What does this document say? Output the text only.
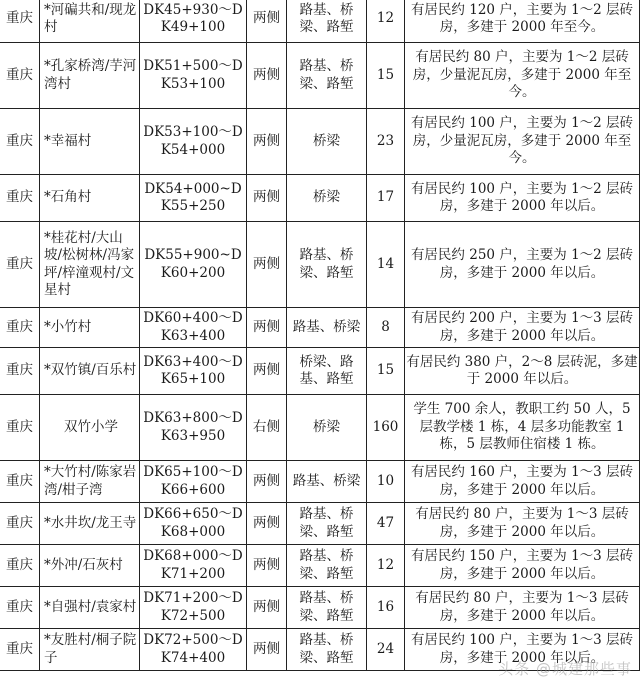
重庆	*河碥共和/现龙村	DK45+930～DK49+100	两侧	路基、桥梁、路堑	12	有居民约 120 户，主要为 1～2 层砖房，多建于 2000 年至今。
重庆	*孔家桥湾/芋河湾村	DK51+500～DK53+100	两侧	路基、桥梁、路堑	15	有居民约 80 户，主要为 1～2 层砖房，少量泥瓦房，多建于 2000 年至今。
重庆	*幸福村	DK53+100～DK54+000	两侧	桥梁	23	有居民约 100 户，主要为 1～2 层砖房，少量泥瓦房，多建于 2000 年至今。
重庆	*石角村	DK54+000~DK55+250	两侧	桥梁	17	有居民约 100 户，主要为 1～2 层砖房，多建于 2000 年以后。
重庆	*桂花村/大山坡/松树林/冯家坪/梓潼观村/文星村	DK55+900~DK60+200	两侧	路基、桥梁、路堑	14	有居民约 250 户，主要为 1～2 层砖房，多建于 2000 年以后。
重庆	*小竹村	DK60+400～DK63+400	两侧	路基、桥梁	8	有居民约 200 户，主要为 1～3 层砖房，多建于 2000 年以后。
重庆	*双竹镇/百乐村	DK63+400～DK65+100	两侧	桥梁、路基、路堑	15	有居民约 380 户，2～8 层砖泥，多建于 2000 年以后。
重庆	双竹小学	DK63+800～DK63+950	右侧	桥梁	160	学生 700 余人，教职工约 50 人，5 层教学楼 1 栋，4 层多功能教室 1 栋，5 层教师住宿楼 1 栋。
重庆	*大竹村/陈家岩湾/柑子湾	DK65+100～DK66+600	两侧	路基、桥梁	10	有居民约 160 户，主要为 1～3 层砖房，多建于 2000 年以后。
重庆	*水井坎/龙王寺	DK66+650～DK68+000	两侧	路基、桥梁、路堑	47	有居民约 80 户，主要为 1～3 层砖房，多建于 2000 年以后。
重庆	*外冲/石灰村	DK68+000～DK71+200	两侧	路基、桥梁、路堑	12	有居民约 150 户，主要为 1～3 层砖房，多建于 2000 年以后。
重庆	*自强村/袁家村	DK71+200～DK72+500	两侧	路基、桥梁、路堑	16	有居民约 80 户，主要为 1～3 层砖房，多建于 2000 年以后。
重庆	*友胜村/桐子院子	DK72+500～DK74+400	两侧	路基、桥梁、路堑	24	有居民约 100 户，主要为 1～3 层砖房，多建于 2000 年以后。
头条 @城建那些事
